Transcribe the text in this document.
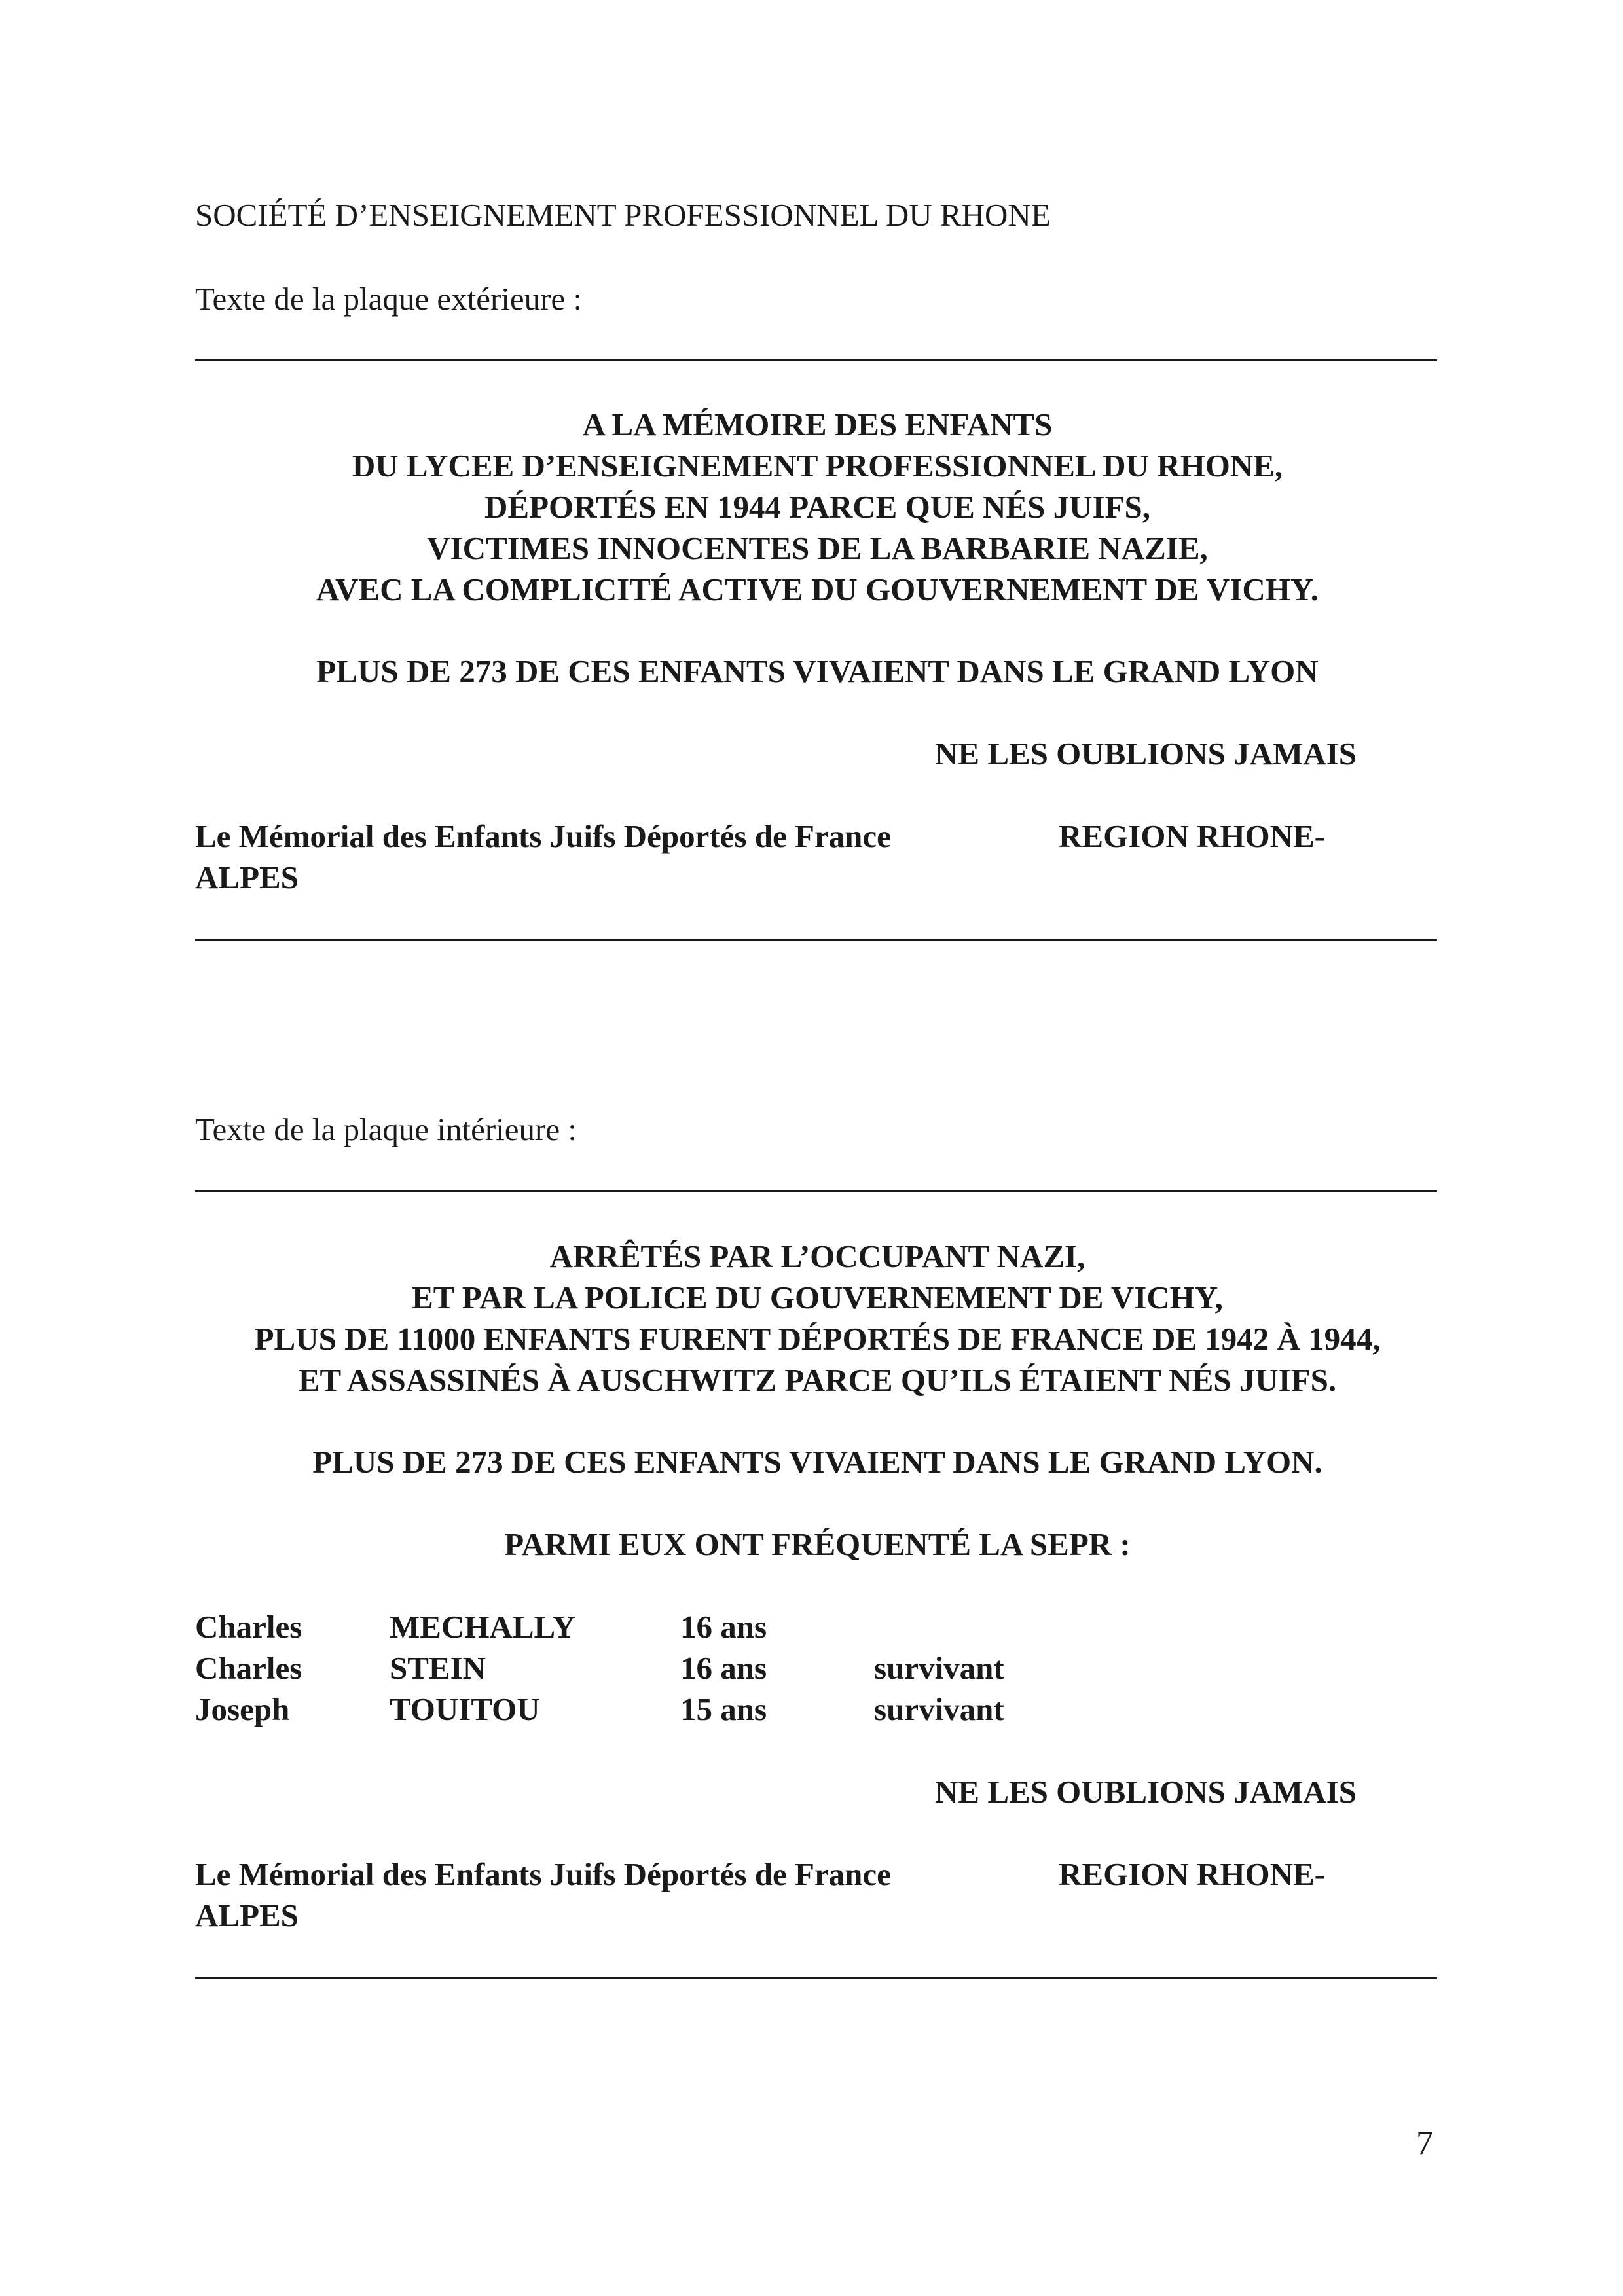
SOCIÉTÉ D’ENSEIGNEMENT PROFESSIONNEL DU RHONE
Texte de la plaque extérieure :
A LA MÉMOIRE DES ENFANTS
DU LYCEE D’ENSEIGNEMENT PROFESSIONNEL DU RHONE,
DÉPORTÉS EN 1944 PARCE QUE NÉS JUIFS,
VICTIMES INNOCENTES DE LA BARBARIE NAZIE,
AVEC LA COMPLICITÉ ACTIVE DU GOUVERNEMENT DE VICHY.
PLUS DE 273 DE CES ENFANTS VIVAIENT DANS LE GRAND LYON
NE LES OUBLIONS JAMAIS
Le Mémorial des Enfants Juifs Déportés de France	REGION RHONE-
ALPES
Texte de la plaque intérieure :
ARRÊTÉS PAR L’OCCUPANT NAZI,
ET PAR LA POLICE DU GOUVERNEMENT DE VICHY,
PLUS DE 11000 ENFANTS FURENT DÉPORTÉS DE FRANCE DE 1942 À 1944,
ET ASSASSINÉS À AUSCHWITZ PARCE QU’ILS ÉTAIENT NÉS JUIFS.
PLUS DE 273 DE CES ENFANTS VIVAIENT DANS LE GRAND LYON.
PARMI EUX ONT FRÉQUENTÉ LA SEPR :
Charles	MECHALLY	16 ans
Charles	STEIN	16 ans	survivant
Joseph	TOUITOU	15 ans	survivant
NE LES OUBLIONS JAMAIS
Le Mémorial des Enfants Juifs Déportés de France	REGION RHONE-
ALPES
7
